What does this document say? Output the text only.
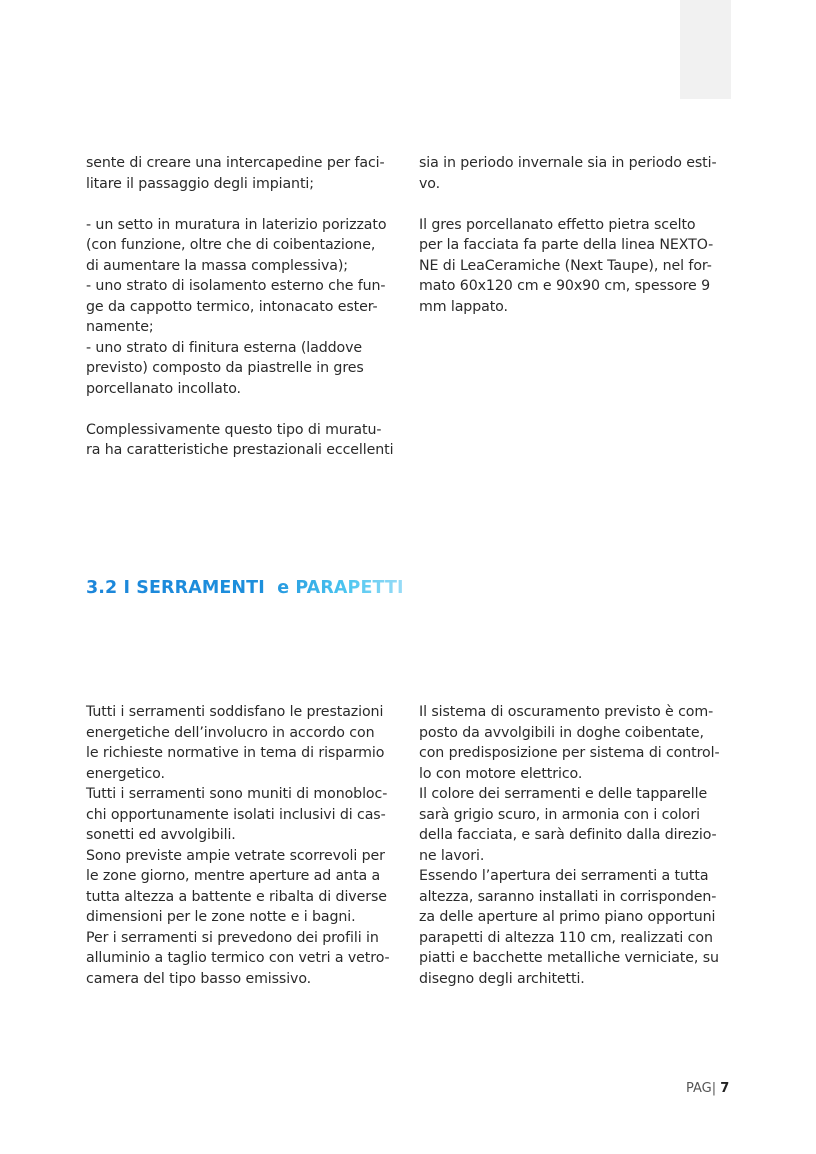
sente di creare una intercapedine per faci-

litare il passaggio degli impianti;

- un setto in muratura in laterizio porizzato

(con funzione, oltre che di coibentazione,

di aumentare la massa complessiva);

- uno strato di isolamento esterno che fun-

ge da cappotto termico, intonacato ester-

namente;

- uno strato di finitura esterna (laddove

previsto) composto da piastrelle in gres

porcellanato incollato.

Complessivamente questo tipo di muratu-

ra ha caratteristiche prestazionali eccellenti

sia in periodo invernale sia in periodo esti-

vo.

Il gres porcellanato effetto pietra scelto

per la facciata fa parte della linea NEXTO-

NE di LeaCeramiche (Next Taupe), nel for-

mato 60x120 cm e 90x90 cm, spessore 9

mm lappato.

3.2 I SERRAMENTI  e PARAPETTI

Tutti i serramenti soddisfano le prestazioni

energetiche dell’involucro in accordo con

le richieste normative in tema di risparmio

energetico.

Tutti i serramenti sono muniti di monobloc-

chi opportunamente isolati inclusivi di cas-

sonetti ed avvolgibili.

Sono previste ampie vetrate scorrevoli per

le zone giorno, mentre aperture ad anta a

tutta altezza a battente e ribalta di diverse

dimensioni per le zone notte e i bagni.

Per i serramenti si prevedono dei profili in

alluminio a taglio termico con vetri a vetro-

camera del tipo basso emissivo.

Il sistema di oscuramento previsto è com-

posto da avvolgibili in doghe coibentate,

con predisposizione per sistema di control-

lo con motore elettrico.

Il colore dei serramenti e delle tapparelle

sarà grigio scuro, in armonia con i colori

della facciata, e sarà definito dalla direzio-

ne lavori.

Essendo l’apertura dei serramenti a tutta

altezza, saranno installati in corrisponden-

za delle aperture al primo piano opportuni

parapetti di altezza 110 cm, realizzati con

piatti e bacchette metalliche verniciate, su

disegno degli architetti.

PAG| 7
